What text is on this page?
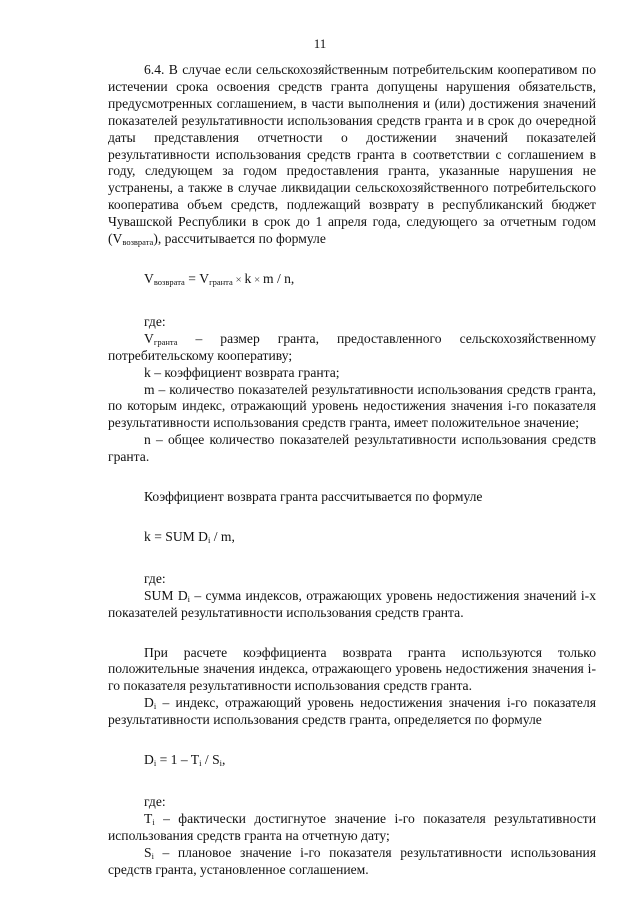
11

6.4. В случае если сельскохозяйственным потребительским кооперативом по истечении срока освоения средств гранта допущены нарушения обязательств, предусмотренных соглашением, в части выполнения и (или) достижения значений показателей результативности использования средств гранта и в срок до очередной даты представления отчетности о достижении значений показателей результативности использования средств гранта в соответствии с соглашением в году, следующем за годом предоставления гранта, указанные нарушения не устранены, а также в случае ликвидации сельскохозяйственного потребительского кооператива объем средств, подлежащий возврату в республиканский бюджет Чувашской Республики в срок до 1 апреля года, следующего за отчетным годом $(V_{возврата})$, рассчитывается по формуле

$V_{возврата} = V_{гранта} \times k \times m / n$,

где:

$V_{гранта}$ – размер гранта, предоставленного сельскохозяйственному потребительскому кооперативу;

k – коэффициент возврата гранта;

m – количество показателей результативности использования средств гранта, по которым индекс, отражающий уровень недостижения значения i-го показателя результативности использования средств гранта, имеет положительное значение;

n – общее количество показателей результативности использования средств гранта.

Коэффициент возврата гранта рассчитывается по формуле

k = SUM $D_i$ / m,

где:

SUM $D_i$ – сумма индексов, отражающих уровень недостижения значений i-х показателей результативности использования средств гранта.

При расчете коэффициента возврата гранта используются только положительные значения индекса, отражающего уровень недостижения значения i-го показателя результативности использования средств гранта.

$D_i$ – индекс, отражающий уровень недостижения значения i-го показателя результативности использования средств гранта, определяется по формуле

$D_i = 1 - T_i / S_i$,

где:

$T_i$ – фактически достигнутое значение i-го показателя результативности использования средств гранта на отчетную дату;

$S_i$ – плановое значение i-го показателя результативности использования средств гранта, установленное соглашением.
